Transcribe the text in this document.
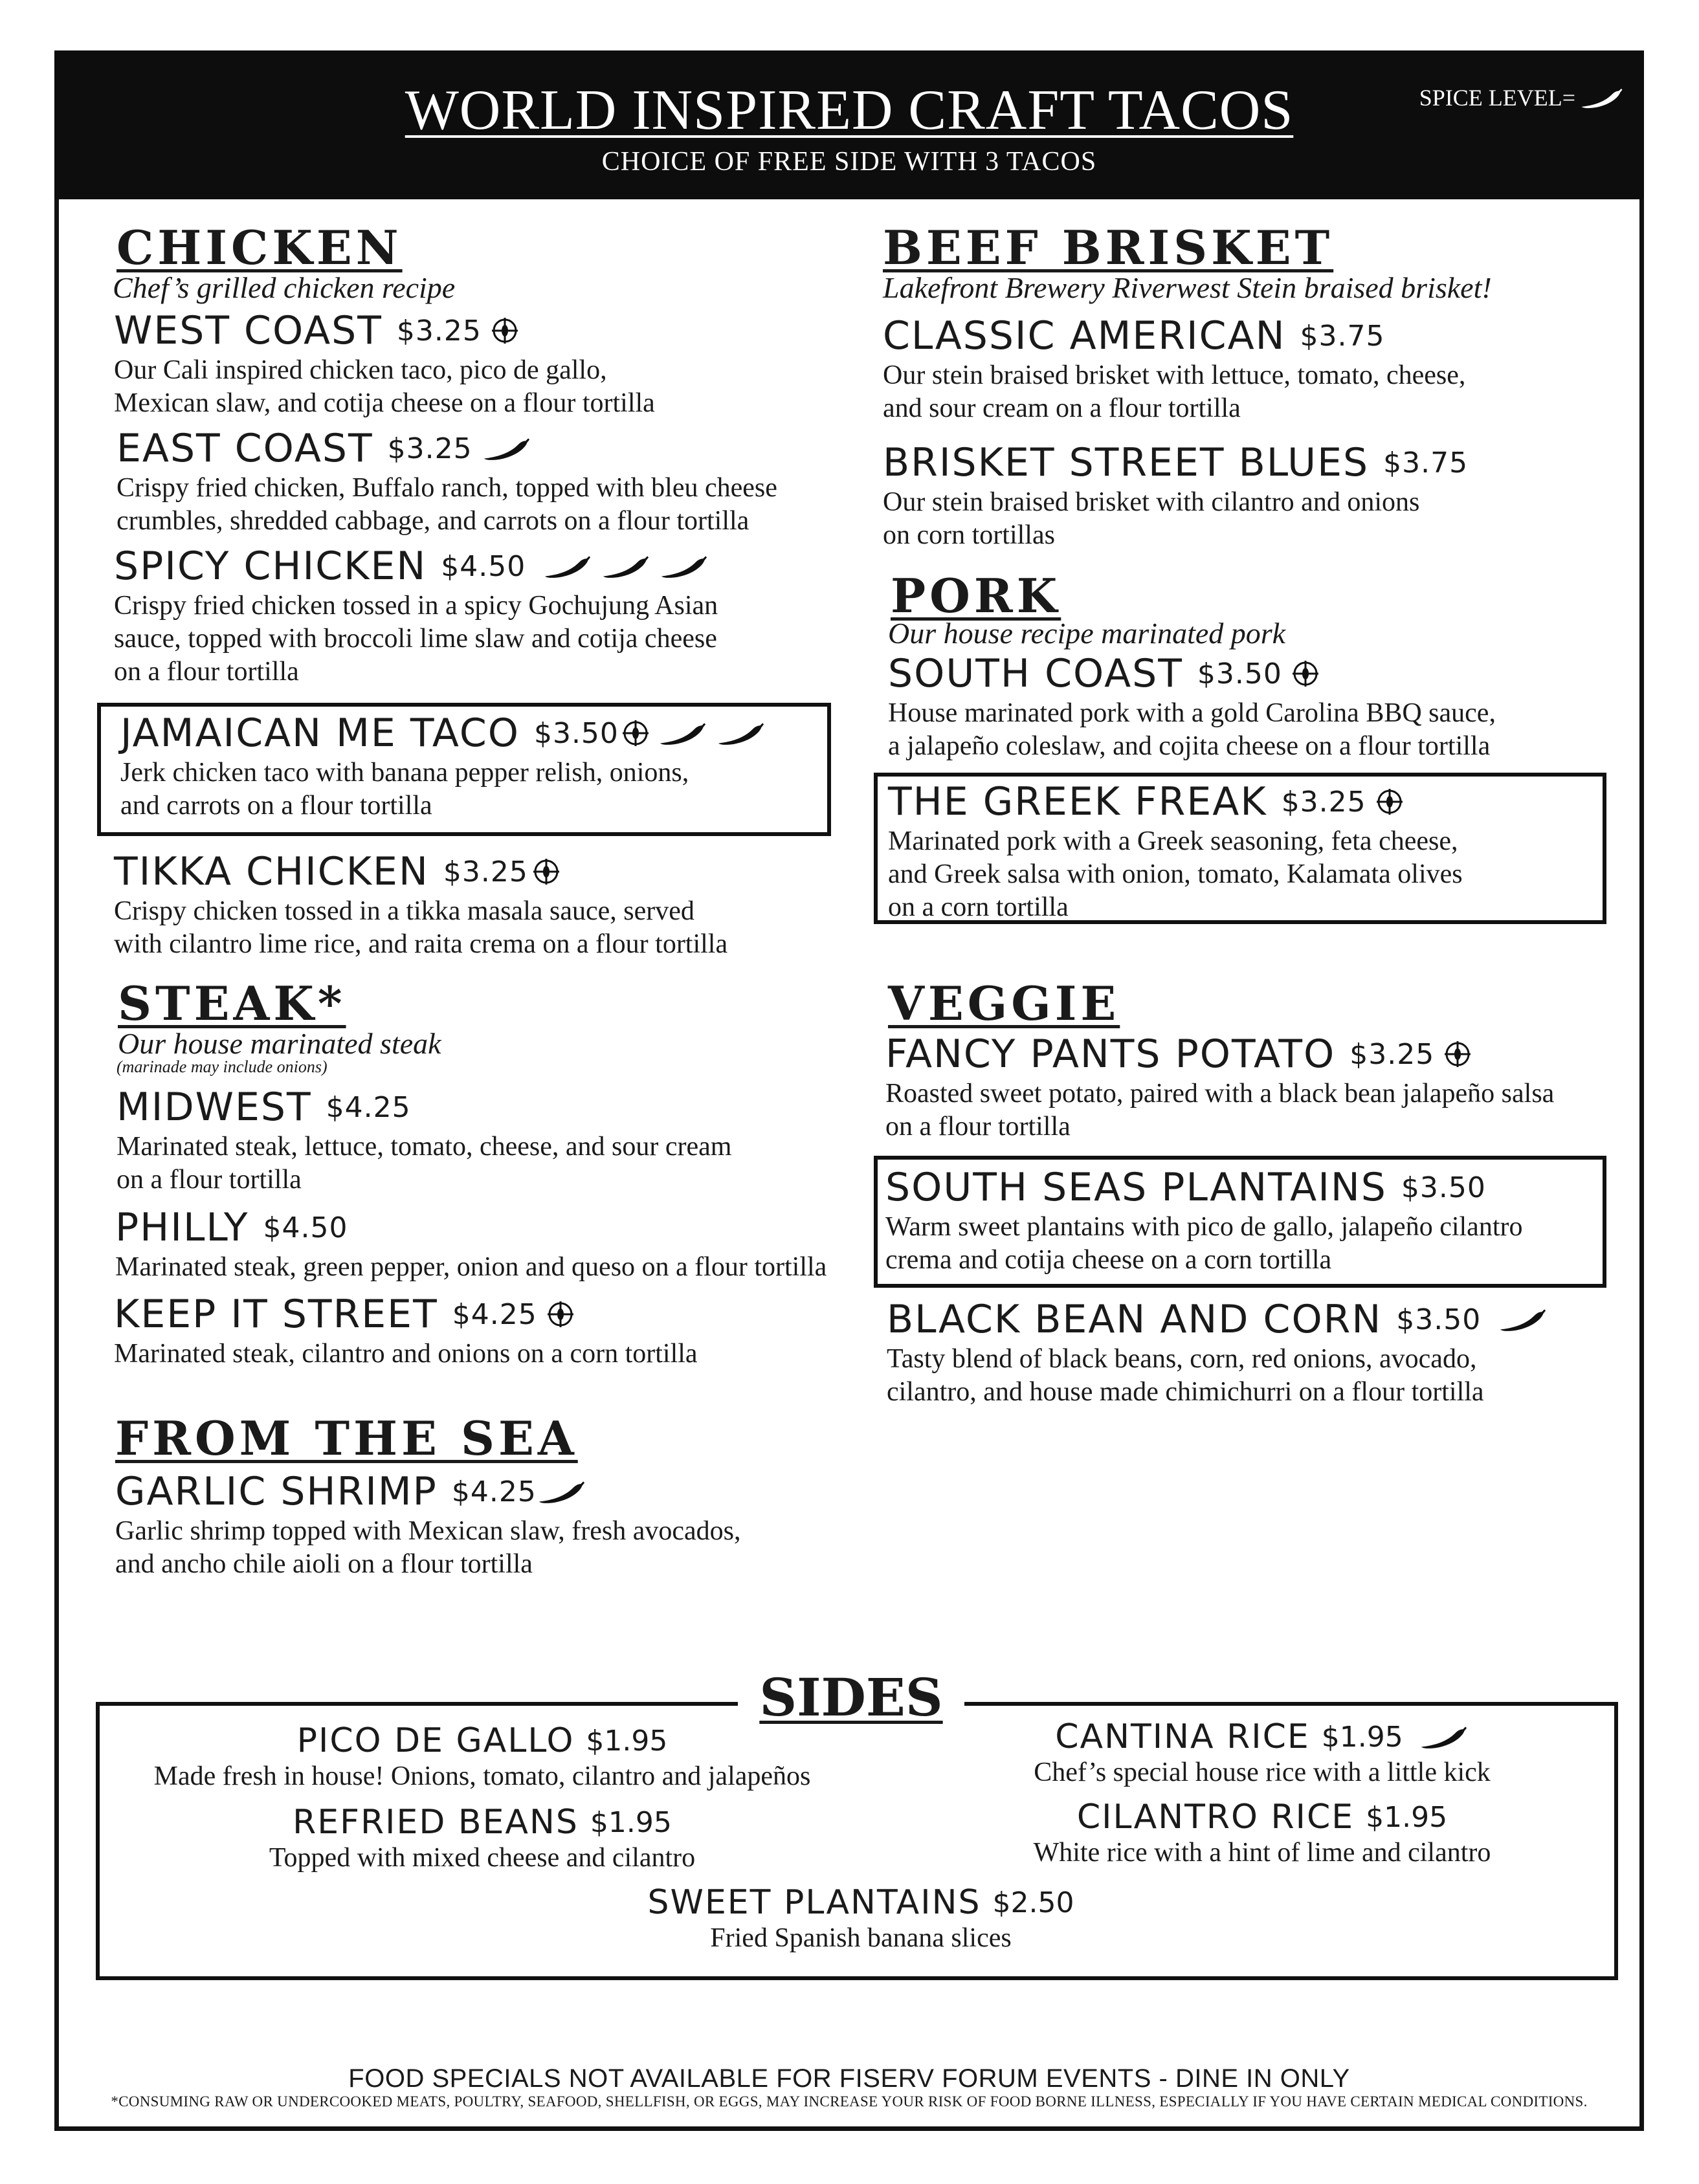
WORLD INSPIRED CRAFT TACOS
CHOICE OF FREE SIDE WITH 3 TACOS
SPICE LEVEL=
CHICKEN
Chef’s grilled chicken recipe
WEST COAST $3.25
Our Cali inspired chicken taco, pico de gallo,
Mexican slaw, and cotija cheese on a flour tortilla
EAST COAST $3.25
Crispy fried chicken, Buffalo ranch, topped with bleu cheese
crumbles, shredded cabbage, and carrots on a flour tortilla
SPICY CHICKEN $4.50
Crispy fried chicken tossed in a spicy Gochujung Asian
sauce, topped with broccoli lime slaw and cotija cheese
on a flour tortilla
JAMAICAN ME TACO $3.50
Jerk chicken taco with banana pepper relish, onions,
and carrots on a flour tortilla
TIKKA CHICKEN $3.25
Crispy chicken tossed in a tikka masala sauce, served
with cilantro lime rice, and raita crema on a flour tortilla
STEAK*
Our house marinated steak
(marinade may include onions)
MIDWEST $4.25
Marinated steak, lettuce, tomato, cheese, and sour cream
on a flour tortilla
PHILLY $4.50
Marinated steak, green pepper, onion and queso on a flour tortilla
KEEP IT STREET $4.25
Marinated steak, cilantro and onions on a corn tortilla
FROM THE SEA
GARLIC SHRIMP $4.25
Garlic shrimp topped with Mexican slaw, fresh avocados,
and ancho chile aioli on a flour tortilla
BEEF BRISKET
Lakefront Brewery Riverwest Stein braised brisket!
CLASSIC AMERICAN $3.75
Our stein braised brisket with lettuce, tomato, cheese,
and sour cream on a flour tortilla
BRISKET STREET BLUES $3.75
Our stein braised brisket with cilantro and onions
on corn tortillas
PORK
Our house recipe marinated pork
SOUTH COAST $3.50
House marinated pork with a gold Carolina BBQ sauce,
a jalapeño coleslaw, and cojita cheese on a flour tortilla
THE GREEK FREAK $3.25
Marinated pork with a Greek seasoning, feta cheese,
and Greek salsa with onion, tomato, Kalamata olives
on a corn tortilla
VEGGIE
FANCY PANTS POTATO $3.25
Roasted sweet potato, paired with a black bean jalapeño salsa
on a flour tortilla
SOUTH SEAS PLANTAINS $3.50
Warm sweet plantains with pico de gallo, jalapeño cilantro
crema and cotija cheese on a corn tortilla
BLACK BEAN AND CORN $3.50
Tasty blend of black beans, corn, red onions, avocado,
cilantro, and house made chimichurri on a flour tortilla
SIDES
PICO DE GALLO $1.95
Made fresh in house! Onions, tomato, cilantro and jalapeños
CANTINA RICE $1.95
Chef’s special house rice with a little kick
REFRIED BEANS $1.95
Topped with mixed cheese and cilantro
CILANTRO RICE $1.95
White rice with a hint of lime and cilantro
SWEET PLANTAINS $2.50
Fried Spanish banana slices
FOOD SPECIALS NOT AVAILABLE FOR FISERV FORUM EVENTS - DINE IN ONLY
*CONSUMING RAW OR UNDERCOOKED MEATS, POULTRY, SEAFOOD, SHELLFISH, OR EGGS, MAY INCREASE YOUR RISK OF FOOD BORNE ILLNESS, ESPECIALLY IF YOU HAVE CERTAIN MEDICAL CONDITIONS.
